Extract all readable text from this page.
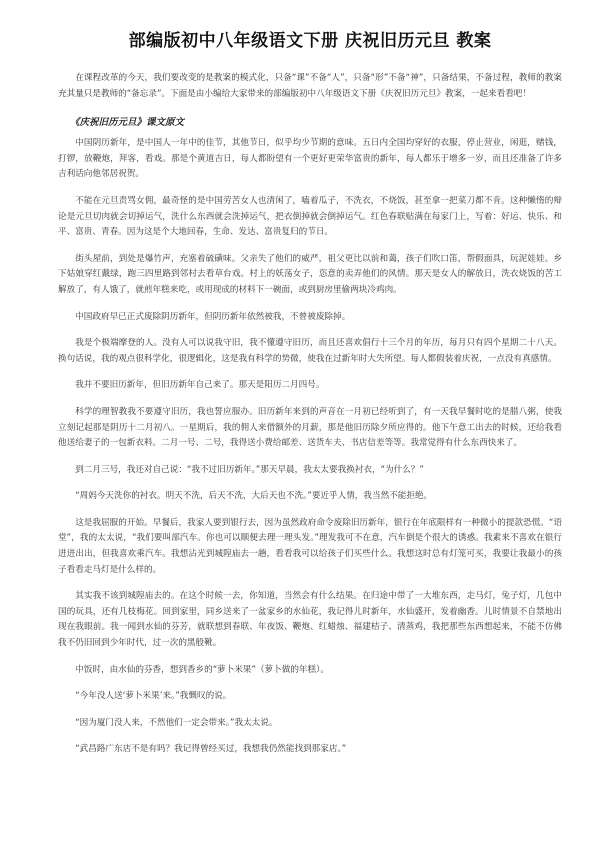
部编版初中八年级语文下册 庆祝旧历元旦 教案

在课程改革的今天，我们要改变的是教案的模式化，只备“课”不备“人”，只备“形”不备“神”，只备结果，不备过程，教师的教案充其量只是教师的“备忘录”。下面是由小编给大家带来的部编版初中八年级语文下册《庆祝旧历元旦》教案，一起来看看吧！

《庆祝旧历元旦》课文原文

中国阴历新年，是中国人一年中的佳节，其他节日，似乎均少节期的意味。五日内全国均穿好的衣服，停止营业，闲逛，赌钱，打锣，放鞭炮，拜客，看戏。那是个黄道吉日，每人都盼望有一个更好更荣华富贵的新年，每人都乐于增多一岁，而且还准备了许多吉利话向他邻居祝贺。

不能在元旦责骂女佣，最奇怪的是中国劳苦女人也清闲了，嗑着瓜子，不洗衣，不烧饭，甚至拿一把菜刀都不肯。这种懒惰的辩论是元旦切肉就会切掉运气，洗什么东西就会洗掉运气，把衣倒掉就会倒掉运气。红色春联贴满在每家门上，写着：好运、快乐、和平、富贵、青春。因为这是个大地回春，生命、发达、富贵复归的节日。

街头屋前，到处是爆竹声，充塞着硫磺味。父亲失了他们的威严，祖父更比以前和蔼，孩子们吹口笛，帮假面具，玩泥娃娃。乡下姑娘穿红戴绿，跑三四里路到邻村去看草台戏。村上的妖荡女子，恣意的卖弄他们的风情。那天是女人的解放日，洗衣烧饭的苦工解放了，有人饿了，就煎年糕来吃，或用现成的材料下一碗面，或到厨房里偷两块冷鸡肉。

中国政府早已正式废除阴历新年，但阴历新年依然被我，不曾被废除掉。

我是个极端摩登的人。没有人可以说我守旧，我不懂遵守旧历，而且还喜欢倡行十三个月的年历，每月只有四个星期二十八天。换句话说，我的观点很科学化，很逻辑化，这是我有科学的势微，使我在过新年时大失所望。每人都假装着庆祝，一点没有真感情。

我并不要旧历新年，但旧历新年自己来了。那天是阳历二月四号。

科学的理智教我不要遵守旧历，我也誓应服办。旧历新年来到的声音在一月初已经听到了，有一天我早餐时吃的是腊八粥，使我立刻记起那是阴历十二月初八。一星期后，我的佣人来借额外的月薪，那是他旧历除夕所应得的。他下午意工出去的时候，还给我看他送给妻子的一包新衣料。二月一号、二号，我得送小费给邮差、送货车夫、书店信差等等。我常觉得有什么东西快来了。

到二月三号，我还对自己说：“我不过旧历新年。”那天早晨，我太太要我换衬衣，“为什么？”

“周妈今天洗你的衬衣。明天不洗，后天不洗，大后天也不洗。”要近乎人情，我当然不能拒绝。

这是我屈服的开始。早餐后，我家人要到银行去，因为虽然政府命令废除旧历新年，银行在年底限样有一种微小的提款恐慌。“语堂”，我的太太说，“我们要叫部汽车。你也可以顺便去理一理头发。”理发我可不在意，汽车倒是个很大的诱惑。我素来不喜欢在银行进进出出，但我喜欢乘汽车。我想沾光到城隍庙去一趟，看看我可以给孩子们买些什么。我想这时总有灯笼可买，我要让我最小的孩子看看走马灯是什么样的。

其实我不该到城隍庙去的。在这个时候一去，你知道，当然会有什么结果。在归途中带了一大堆东西，走马灯，兔子灯，几包中国的玩具，还有几枝梅花。回到家里，同乡送来了一盆家乡的水仙花，我记得儿时新年，水仙盛开，发着幽香。儿时情景不自禁地出现在我眼前。我一闻到水仙的芬芳，就联想到春联、年夜饭、鞭炮、红蜡烛、福建桔子、清蒸鸡，我把那些东西想起来，不能不仿佛我不仍旧回到少年时代，过一次的黑般靴。

中饭时，由水仙的芬香，想到香乡的“萝卜米果”（萝卜做的年糕）。

“今年没人送‘萝卜米果’来。”我慨叹的说。

“因为厦门没人来，不然他们一定会带来。”我太太说。

“武昌路广东店不是有吗？我记得曾经买过，我想我仍然能找到那家店。”
